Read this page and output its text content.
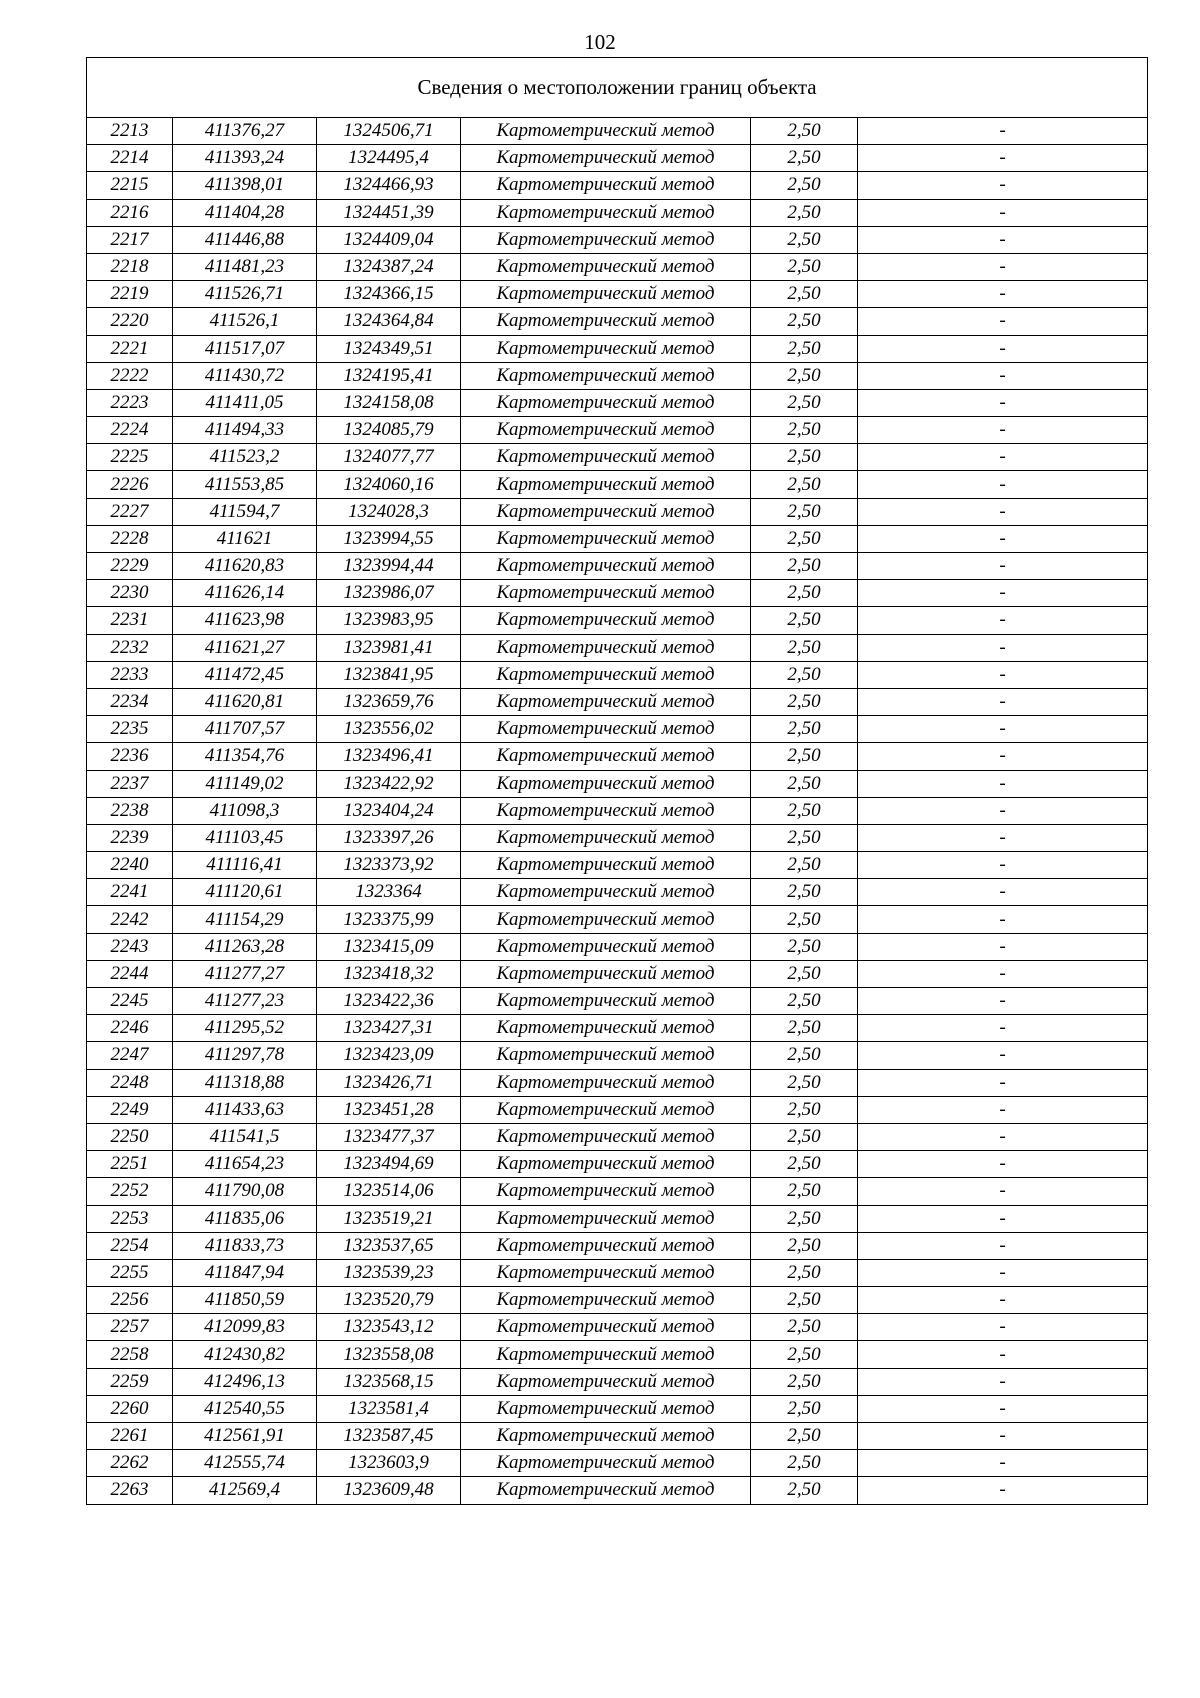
102
Сведения о местоположении границ объекта					
2213	411376,27	1324506,71	Картометрический метод	2,50	-
2214	411393,24	1324495,4	Картометрический метод	2,50	-
2215	411398,01	1324466,93	Картометрический метод	2,50	-
2216	411404,28	1324451,39	Картометрический метод	2,50	-
2217	411446,88	1324409,04	Картометрический метод	2,50	-
2218	411481,23	1324387,24	Картометрический метод	2,50	-
2219	411526,71	1324366,15	Картометрический метод	2,50	-
2220	411526,1	1324364,84	Картометрический метод	2,50	-
2221	411517,07	1324349,51	Картометрический метод	2,50	-
2222	411430,72	1324195,41	Картометрический метод	2,50	-
2223	411411,05	1324158,08	Картометрический метод	2,50	-
2224	411494,33	1324085,79	Картометрический метод	2,50	-
2225	411523,2	1324077,77	Картометрический метод	2,50	-
2226	411553,85	1324060,16	Картометрический метод	2,50	-
2227	411594,7	1324028,3	Картометрический метод	2,50	-
2228	411621	1323994,55	Картометрический метод	2,50	-
2229	411620,83	1323994,44	Картометрический метод	2,50	-
2230	411626,14	1323986,07	Картометрический метод	2,50	-
2231	411623,98	1323983,95	Картометрический метод	2,50	-
2232	411621,27	1323981,41	Картометрический метод	2,50	-
2233	411472,45	1323841,95	Картометрический метод	2,50	-
2234	411620,81	1323659,76	Картометрический метод	2,50	-
2235	411707,57	1323556,02	Картометрический метод	2,50	-
2236	411354,76	1323496,41	Картометрический метод	2,50	-
2237	411149,02	1323422,92	Картометрический метод	2,50	-
2238	411098,3	1323404,24	Картометрический метод	2,50	-
2239	411103,45	1323397,26	Картометрический метод	2,50	-
2240	411116,41	1323373,92	Картометрический метод	2,50	-
2241	411120,61	1323364	Картометрический метод	2,50	-
2242	411154,29	1323375,99	Картометрический метод	2,50	-
2243	411263,28	1323415,09	Картометрический метод	2,50	-
2244	411277,27	1323418,32	Картометрический метод	2,50	-
2245	411277,23	1323422,36	Картометрический метод	2,50	-
2246	411295,52	1323427,31	Картометрический метод	2,50	-
2247	411297,78	1323423,09	Картометрический метод	2,50	-
2248	411318,88	1323426,71	Картометрический метод	2,50	-
2249	411433,63	1323451,28	Картометрический метод	2,50	-
2250	411541,5	1323477,37	Картометрический метод	2,50	-
2251	411654,23	1323494,69	Картометрический метод	2,50	-
2252	411790,08	1323514,06	Картометрический метод	2,50	-
2253	411835,06	1323519,21	Картометрический метод	2,50	-
2254	411833,73	1323537,65	Картометрический метод	2,50	-
2255	411847,94	1323539,23	Картометрический метод	2,50	-
2256	411850,59	1323520,79	Картометрический метод	2,50	-
2257	412099,83	1323543,12	Картометрический метод	2,50	-
2258	412430,82	1323558,08	Картометрический метод	2,50	-
2259	412496,13	1323568,15	Картометрический метод	2,50	-
2260	412540,55	1323581,4	Картометрический метод	2,50	-
2261	412561,91	1323587,45	Картометрический метод	2,50	-
2262	412555,74	1323603,9	Картометрический метод	2,50	-
2263	412569,4	1323609,48	Картометрический метод	2,50	-
